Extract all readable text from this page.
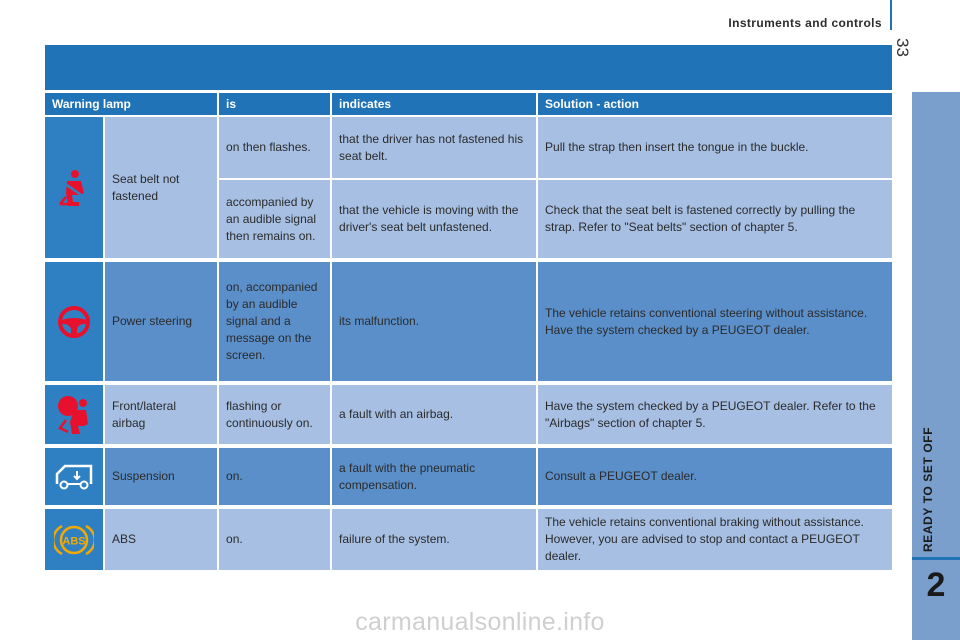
Instruments and controls
33
READY TO SET OFF
2
Warning lamp		is	indicates	Solution - action

	Seat belt not fastened	on then flashes.	that the driver has not fastened his seat belt.	Pull the strap then insert the tongue in the buckle.
		accompanied by an audible signal then remains on.	that the vehicle is moving with the driver's seat belt unfastened.	Check that the seat belt is fastened correctly by pulling the strap. Refer to "Seat belts" section of chapter 5.

	Power steering	on, accompanied by an audible signal and a message on the screen.	its malfunction.	The vehicle retains conventional steering without assistance. Have the system checked by a PEUGEOT dealer.

	Front/lateral airbag	flashing or continuously on.	a fault with an airbag.	Have the system checked by a PEUGEOT dealer. Refer to the "Airbags" section of chapter 5.

	Suspension	on.	a fault with the pneumatic compensation.	Consult a PEUGEOT dealer.

ABS	ABS	on.	failure of the system.	The vehicle retains conventional braking without assistance. However, you are advised to stop and contact a PEUGEOT dealer.
carmanualsonline.info
